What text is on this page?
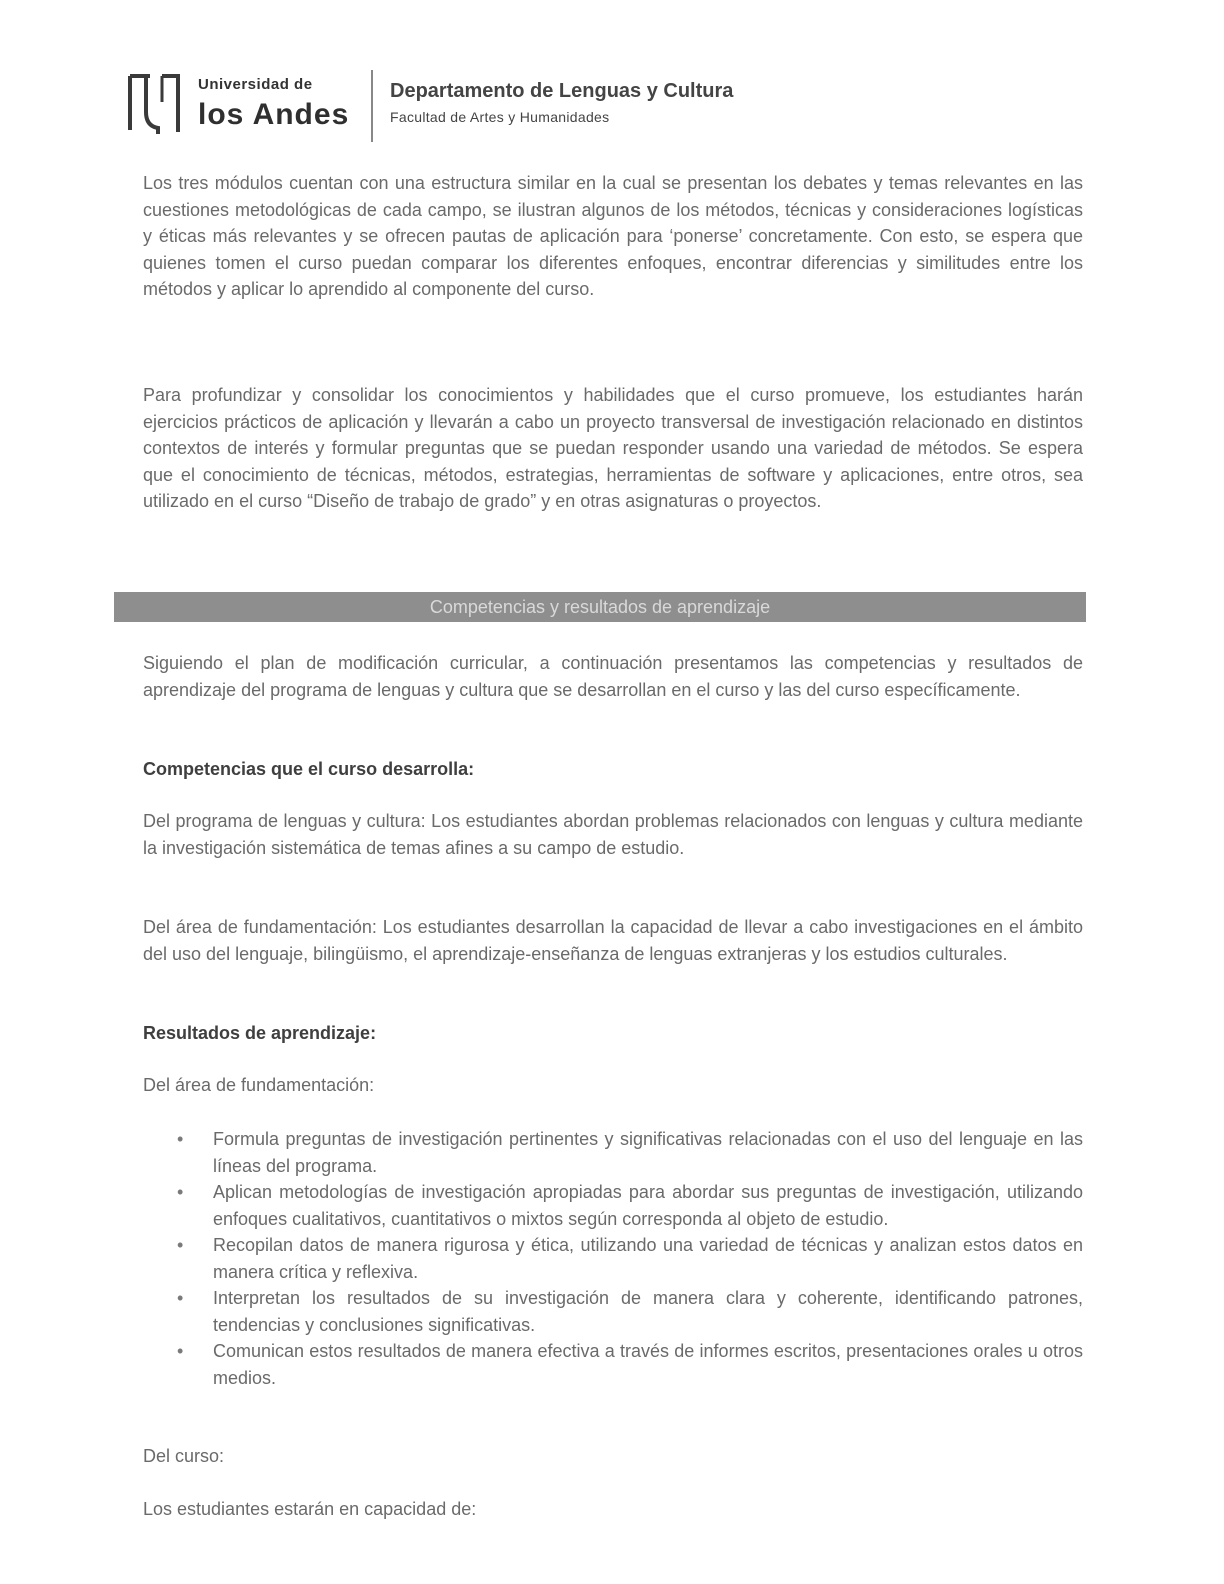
Universidad de
los Andes
Departamento de Lenguas y Cultura
Facultad de Artes y Humanidades

Los tres módulos cuentan con una estructura similar en la cual se presentan los debates y temas relevantes en las cuestiones metodológicas de cada campo, se ilustran algunos de los métodos, técnicas y consideraciones logísticas y éticas más relevantes y se ofrecen pautas de aplicación para ‘ponerse’ concretamente. Con esto, se espera que quienes tomen el curso puedan comparar los diferentes enfoques, encontrar diferencias y similitudes entre los métodos y aplicar lo aprendido al componente del curso.

Para profundizar y consolidar los conocimientos y habilidades que el curso promueve, los estudiantes harán ejercicios prácticos de aplicación y llevarán a cabo un proyecto transversal de investigación relacionado en distintos contextos de interés y formular preguntas que se puedan responder usando una variedad de métodos. Se espera que el conocimiento de técnicas, métodos, estrategias, herramientas de software y aplicaciones, entre otros, sea utilizado en el curso “Diseño de trabajo de grado” y en otras asignaturas o proyectos.

Competencias y resultados de aprendizaje

Siguiendo el plan de modificación curricular, a continuación presentamos las competencias y resultados de aprendizaje del programa de lenguas y cultura que se desarrollan en el curso y las del curso específicamente.

Competencias que el curso desarrolla:

Del programa de lenguas y cultura: Los estudiantes abordan problemas relacionados con lenguas y cultura mediante la investigación sistemática de temas afines a su campo de estudio.

Del área de fundamentación: Los estudiantes desarrollan la capacidad de llevar a cabo investigaciones en el ámbito del uso del lenguaje, bilingüismo, el aprendizaje-enseñanza de lenguas extranjeras y los estudios culturales.

Resultados de aprendizaje:

Del área de fundamentación:

•	Formula preguntas de investigación pertinentes y significativas relacionadas con el uso del lenguaje en las líneas del programa.
•	Aplican metodologías de investigación apropiadas para abordar sus preguntas de investigación, utilizando enfoques cualitativos, cuantitativos o mixtos según corresponda al objeto de estudio.
•	Recopilan datos de manera rigurosa y ética, utilizando una variedad de técnicas y analizan estos datos en manera crítica y reflexiva.
•	Interpretan los resultados de su investigación de manera clara y coherente, identificando patrones, tendencias y conclusiones significativas.
•	Comunican estos resultados de manera efectiva a través de informes escritos, presentaciones orales u otros medios.

Del curso:

Los estudiantes estarán en capacidad de:
